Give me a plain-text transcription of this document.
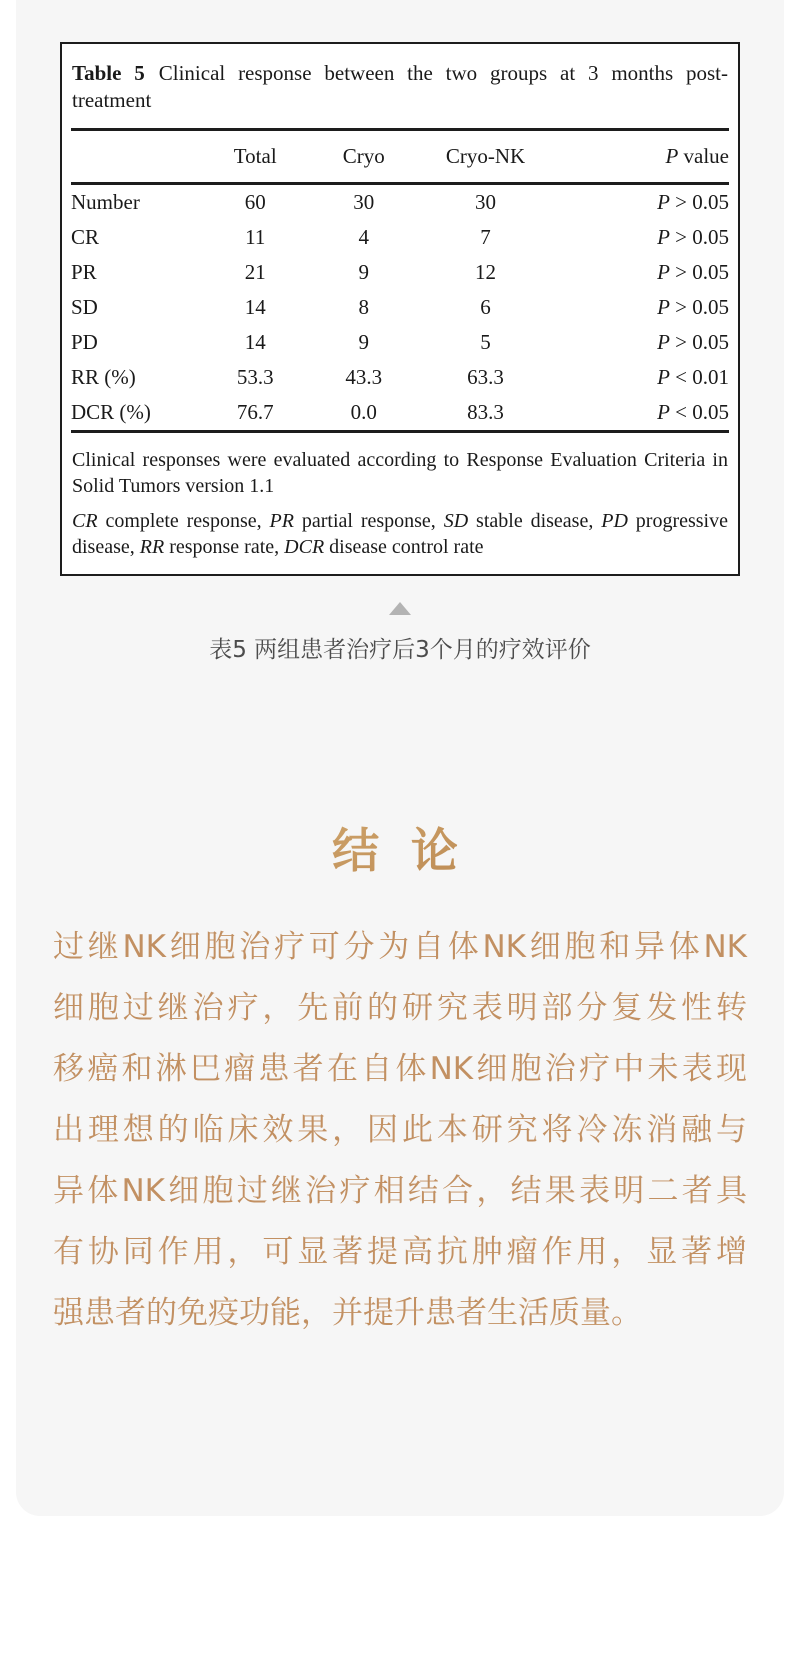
Table 5 Clinical response between the two groups at 3 months post-treatment
	Total	Cryo	Cryo-NK	P value
Number	60	30	30	P > 0.05
CR	11	4	7	P > 0.05
PR	21	9	12	P > 0.05
SD	14	8	6	P > 0.05
PD	14	9	5	P > 0.05
RR (%)	53.3	43.3	63.3	P < 0.01
DCR (%)	76.7	0.0	83.3	P < 0.05
Clinical responses were evaluated according to Response Evaluation Criteria in Solid Tumors version 1.1
CR complete response, PR partial response, SD stable disease, PD progressive disease, RR response rate, DCR disease control rate
表5 两组患者治疗后3个月的疗效评价
结 论
过继NK细胞治疗可分为自体NK细胞和异体NK
细胞过继治疗，先前的研究表明部分复发性转
移癌和淋巴瘤患者在自体NK细胞治疗中未表现
出理想的临床效果，因此本研究将冷冻消融与
异体NK细胞过继治疗相结合，结果表明二者具
有协同作用，可显著提高抗肿瘤作用，显著增
强患者的免疫功能，并提升患者生活质量。
